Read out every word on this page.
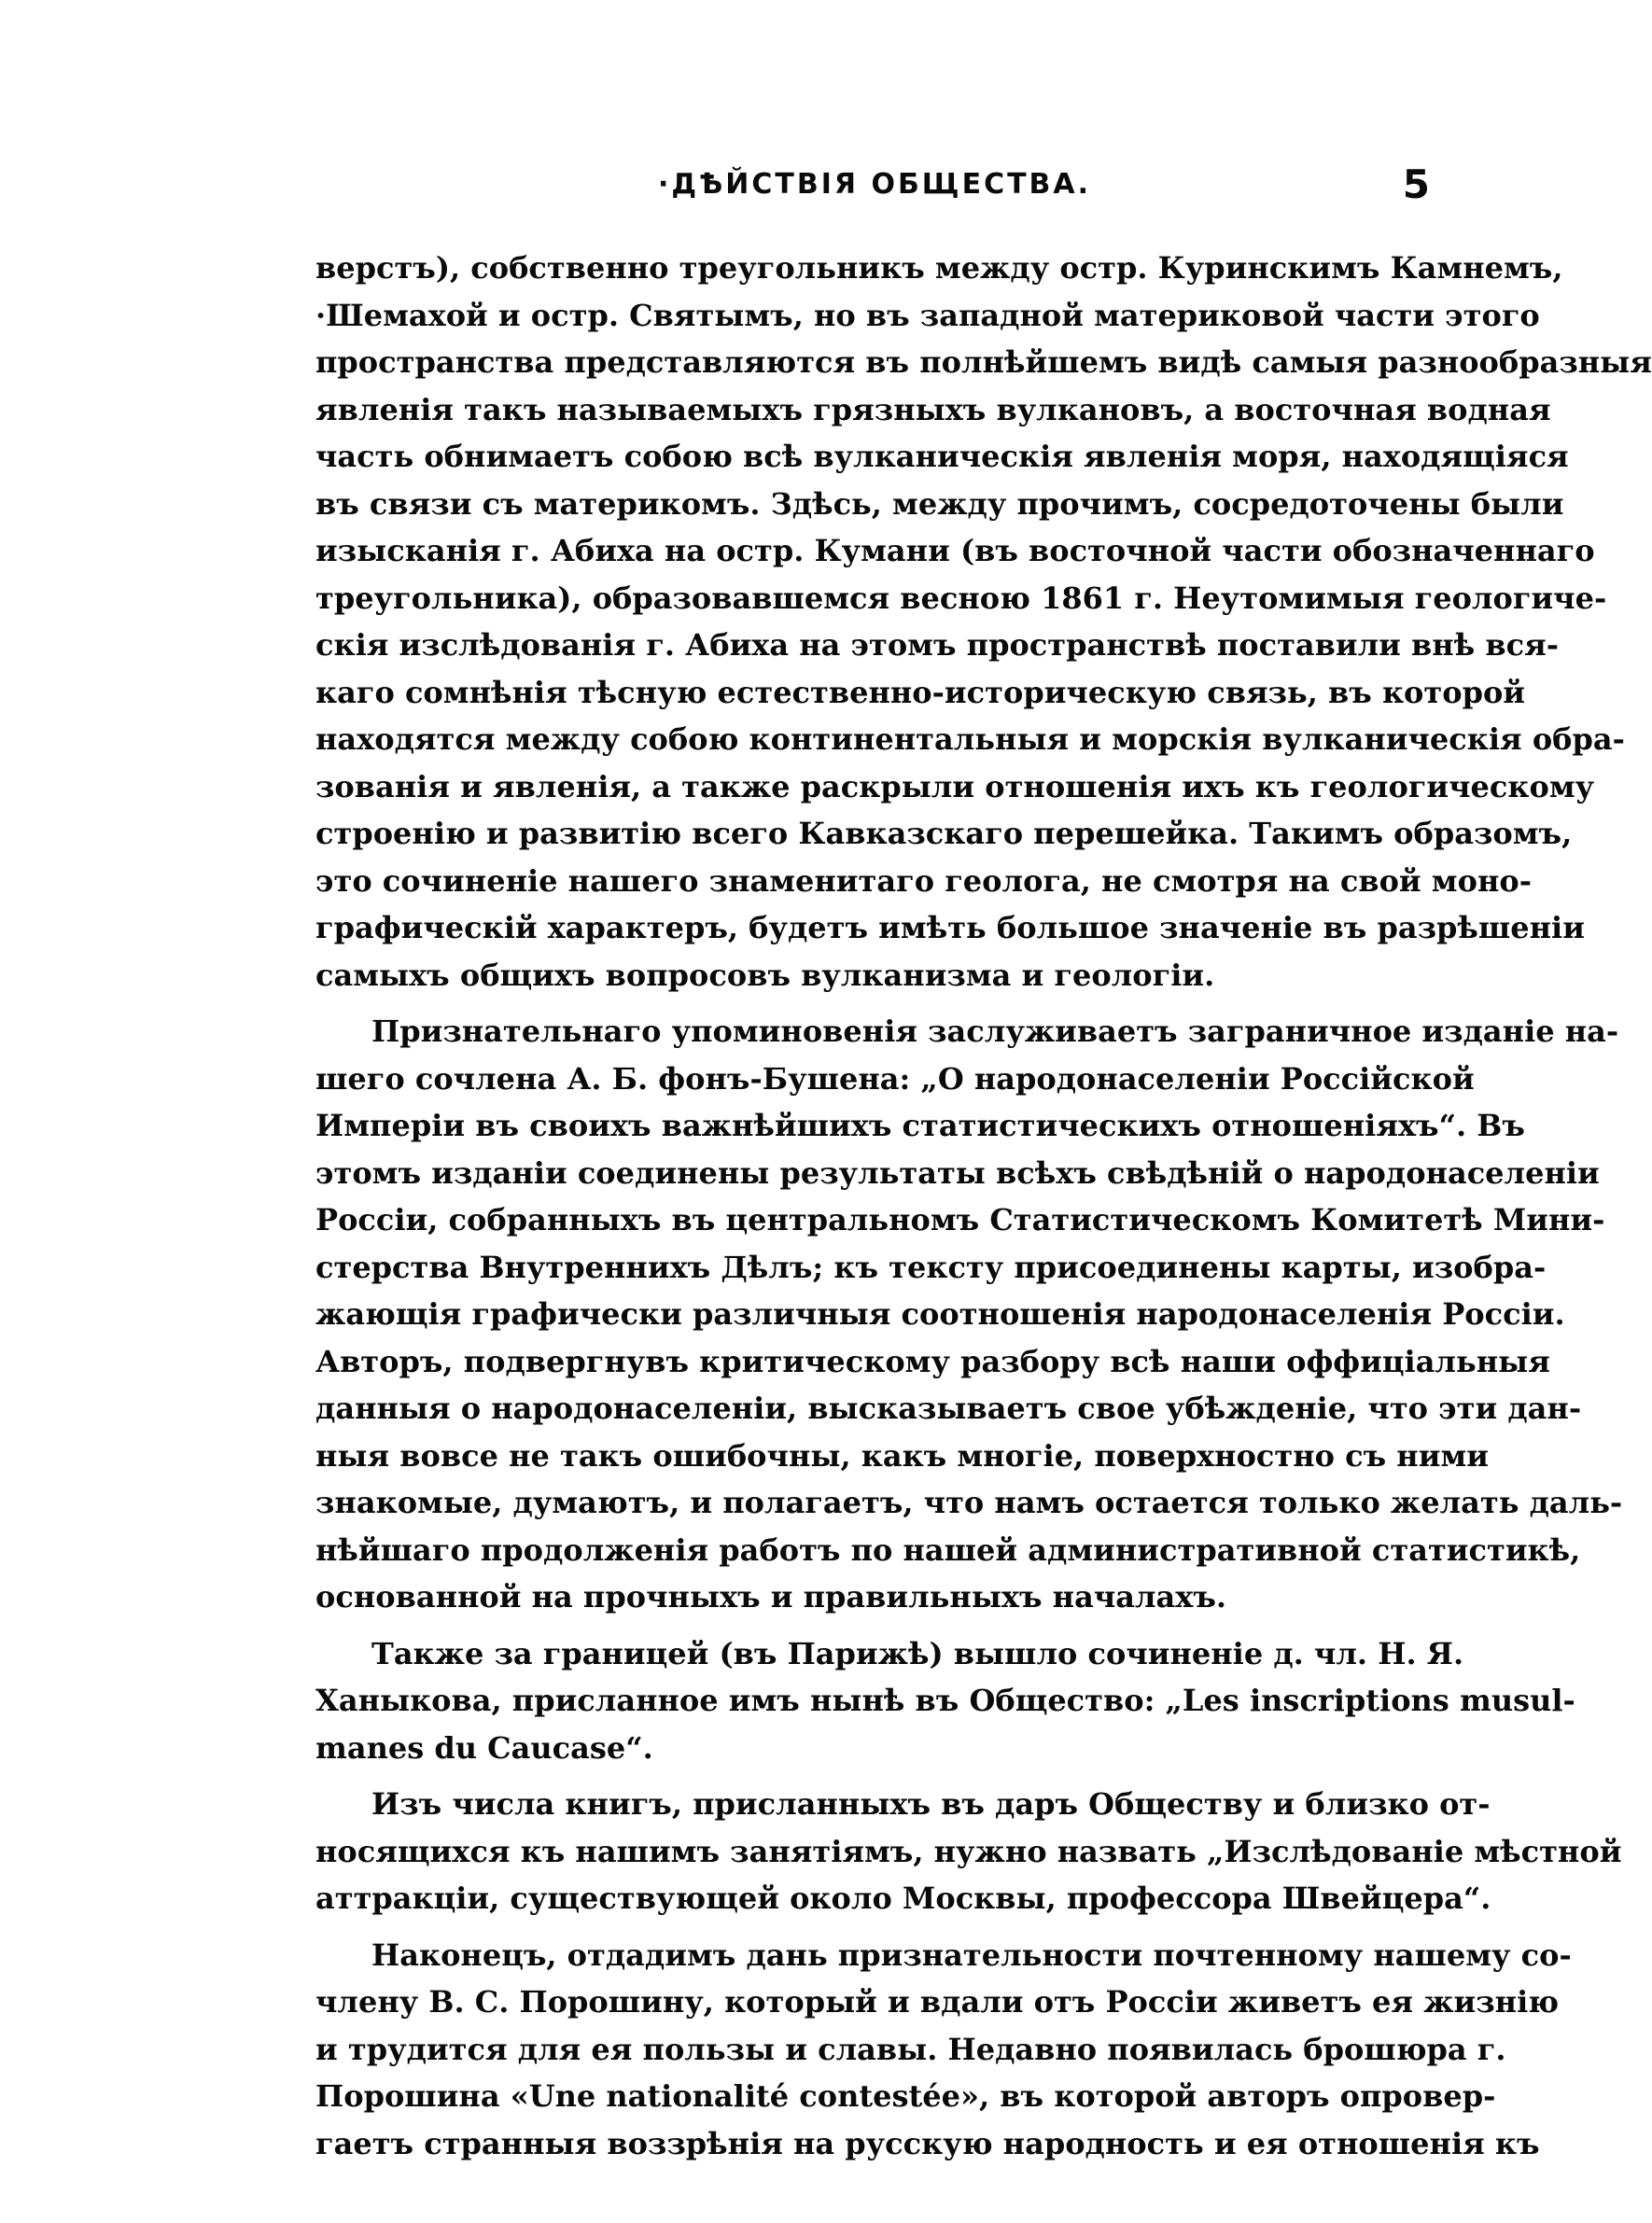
·ДѢЙСТВІЯ ОБЩЕСТВА.	5

верстъ), собственно треугольникъ между остр. Куринскимъ Камнемъ,
·Шемахой и остр. Святымъ, но въ западной материковой части этого
пространства представляются въ полнѣйшемъ видѣ самыя разнообразныя
явленія такъ называемыхъ грязныхъ вулкановъ, а восточная водная
часть обнимаетъ собою всѣ вулканическія явленія моря, находящіяся
въ связи съ материкомъ. Здѣсь, между прочимъ, сосредоточены были
изысканія г. Абиха на остр. Кумани (въ восточной части обозначеннаго
треугольника), образовавшемся весною 1861 г. Неутомимыя геологиче-
скія изслѣдованія г. Абиха на этомъ пространствѣ поставили внѣ вся-
каго сомнѣнія тѣсную естественно-историческую связь, въ которой
находятся между собою континентальныя и морскія вулканическія обра-
зованія и явленія, а также раскрыли отношенія ихъ къ геологическому
строенію и развитію всего Кавказскаго перешейка. Такимъ образомъ,
это сочиненіе нашего знаменитаго геолога, не смотря на свой моно-
графическій характеръ, будетъ имѣть большое значеніе въ разрѣшеніи
самыхъ общихъ вопросовъ вулканизма и геологіи.

Признательнаго упоминовенія заслуживаетъ заграничное изданіе на-
шего сочлена А. Б. фонъ-Бушена: „О народонаселеніи Россійской
Имперіи въ своихъ важнѣйшихъ статистическихъ отношеніяхъ“. Въ
этомъ изданіи соединены результаты всѣхъ свѣдѣній о народонаселеніи
Россіи, собранныхъ въ центральномъ Статистическомъ Комитетѣ Мини-
стерства Внутреннихъ Дѣлъ; къ тексту присоединены карты, изобра-
жающія графически различныя соотношенія народонаселенія Россіи.
Авторъ, подвергнувъ критическому разбору всѣ наши оффиціальныя
данныя о народонаселеніи, высказываетъ свое убѣжденіе, что эти дан-
ныя вовсе не такъ ошибочны, какъ многіе, поверхностно съ ними
знакомые, думаютъ, и полагаетъ, что намъ остается только желать даль-
нѣйшаго продолженія работъ по нашей административной статистикѣ,
основанной на прочныхъ и правильныхъ началахъ.

Также за границей (въ Парижѣ) вышло сочиненіе д. чл. Н. Я.
Ханыкова, присланное имъ нынѣ въ Общество: „Les inscriptions musul-
manes du Caucase“.

Изъ числа книгъ, присланныхъ въ даръ Обществу и близко от-
носящихся къ нашимъ занятіямъ, нужно назвать „Изслѣдованіе мѣстной
аттракціи, существующей около Москвы, профессора Швейцера“.

Наконецъ, отдадимъ дань признательности почтенному нашему со-
члену В. С. Порошину, который и вдали отъ Россіи живетъ ея жизнію
и трудится для ея пользы и славы. Недавно появилась брошюра г.
Порошина «Une nationalité contestée», въ которой авторъ опровер-
гаетъ странныя воззрѣнія на русскую народность и ея отношенія къ
